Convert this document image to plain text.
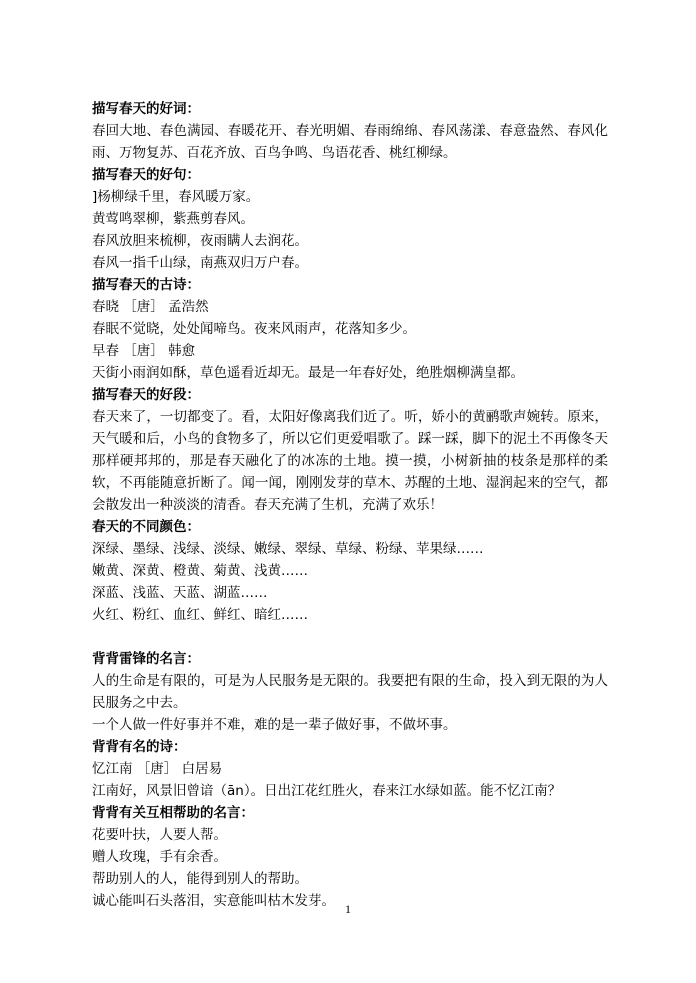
描写春天的好词：
春回大地、春色满园、春暖花开、春光明媚、春雨绵绵、春风荡漾、春意盎然、春风化雨、万物复苏、百花齐放、百鸟争鸣、鸟语花香、桃红柳绿。
描写春天的好句：
]杨柳绿千里，春风暖万家。
黄莺鸣翠柳，紫燕剪春风。
春风放胆来梳柳，夜雨瞒人去润花。
春风一指千山绿，南燕双归万户春。
描写春天的古诗：
春晓 ［唐］ 孟浩然
春眠不觉晓，处处闻啼鸟。夜来风雨声，花落知多少。
早春 ［唐］ 韩愈
天街小雨润如酥，草色遥看近却无。最是一年春好处，绝胜烟柳满皇都。
描写春天的好段：
春天来了，一切都变了。看，太阳好像离我们近了。听，娇小的黄鹂歌声婉转。原来，天气暖和后，小鸟的食物多了，所以它们更爱唱歌了。踩一踩，脚下的泥土不再像冬天那样硬邦邦的，那是春天融化了的冰冻的土地。摸一摸，小树新抽的枝条是那样的柔软，不再能随意折断了。闻一闻，刚刚发芽的草木、苏醒的土地、湿润起来的空气，都会散发出一种淡淡的清香。春天充满了生机，充满了欢乐！
春天的不同颜色：
深绿、墨绿、浅绿、淡绿、嫩绿、翠绿、草绿、粉绿、苹果绿……
嫩黄、深黄、橙黄、菊黄、浅黄……
深蓝、浅蓝、天蓝、湖蓝……
火红、粉红、血红、鲜红、暗红……
背背雷锋的名言：
人的生命是有限的，可是为人民服务是无限的。我要把有限的生命，投入到无限的为人民服务之中去。
一个人做一件好事并不难，难的是一辈子做好事，不做坏事。
背背有名的诗：
忆江南 ［唐］ 白居易
江南好，风景旧曾谙（ān）。日出江花红胜火，春来江水绿如蓝。能不忆江南？
背背有关互相帮助的名言：
花要叶扶，人要人帮。
赠人玫瑰，手有余香。
帮助别人的人，能得到别人的帮助。
诚心能叫石头落泪，实意能叫枯木发芽。 1
